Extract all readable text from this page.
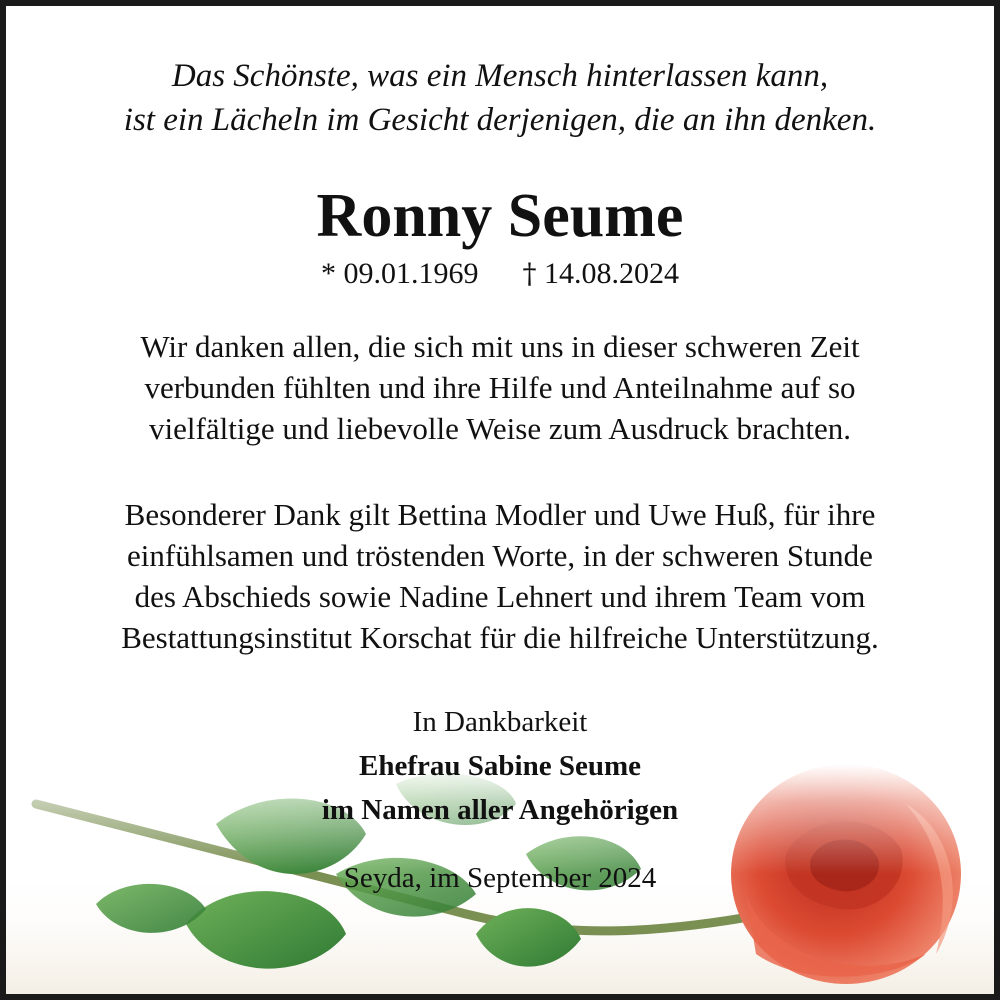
Das Schönste, was ein Mensch hinterlassen kann,
ist ein Lächeln im Gesicht derjenigen, die an ihn denken.
Ronny Seume
* 09.01.1969 † 14.08.2024
Wir danken allen, die sich mit uns in dieser schweren Zeit
verbunden fühlten und ihre Hilfe und Anteilnahme auf so
vielfältige und liebevolle Weise zum Ausdruck brachten.
Besonderer Dank gilt Bettina Modler und Uwe Huß, für ihre
einfühlsamen und tröstenden Worte, in der schweren Stunde
des Abschieds sowie Nadine Lehnert und ihrem Team vom
Bestattungsinstitut Korschat für die hilfreiche Unterstützung.
In Dankbarkeit
Ehefrau Sabine Seume
im Namen aller Angehörigen
Seyda, im September 2024
